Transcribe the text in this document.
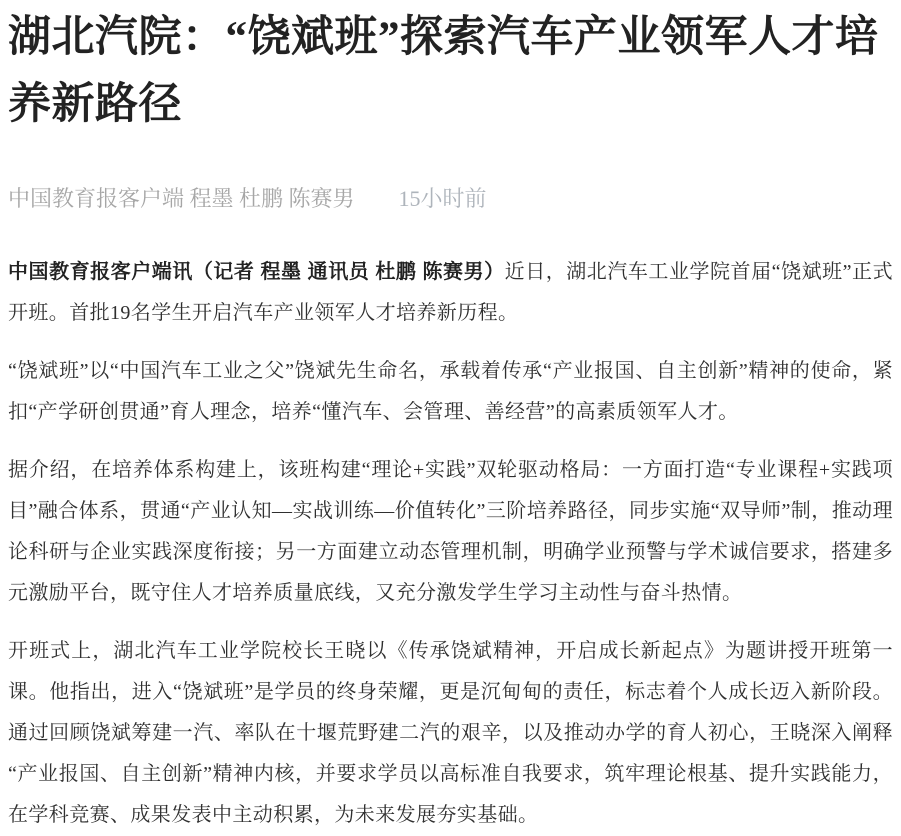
湖北汽院：“饶斌班”探索汽车产业领军人才培养新路径
中国教育报客户端 程墨 杜鹏 陈赛男 15小时前

中国教育报客户端讯（记者 程墨 通讯员 杜鹏 陈赛男）近日，湖北汽车工业学院首届“饶斌班”正式开班。首批19名学生开启汽车产业领军人才培养新历程。

“饶斌班”以“中国汽车工业之父”饶斌先生命名，承载着传承“产业报国、自主创新”精神的使命，紧扣“产学研创贯通”育人理念，培养“懂汽车、会管理、善经营”的高素质领军人才。

据介绍，在培养体系构建上，该班构建“理论+实践”双轮驱动格局：一方面打造“专业课程+实践项目”融合体系，贯通“产业认知—实战训练—价值转化”三阶培养路径，同步实施“双导师”制，推动理论科研与企业实践深度衔接；另一方面建立动态管理机制，明确学业预警与学术诚信要求，搭建多元激励平台，既守住人才培养质量底线，又充分激发学生学习主动性与奋斗热情。

开班式上，湖北汽车工业学院校长王晓以《传承饶斌精神，开启成长新起点》为题讲授开班第一课。他指出，进入“饶斌班”是学员的终身荣耀，更是沉甸甸的责任，标志着个人成长迈入新阶段。通过回顾饶斌筹建一汽、率队在十堰荒野建二汽的艰辛，以及推动办学的育人初心，王晓深入阐释“产业报国、自主创新”精神内核，并要求学员以高标准自我要求，筑牢理论根基、提升实践能力，在学科竞赛、成果发表中主动积累，为未来发展夯实基础。
